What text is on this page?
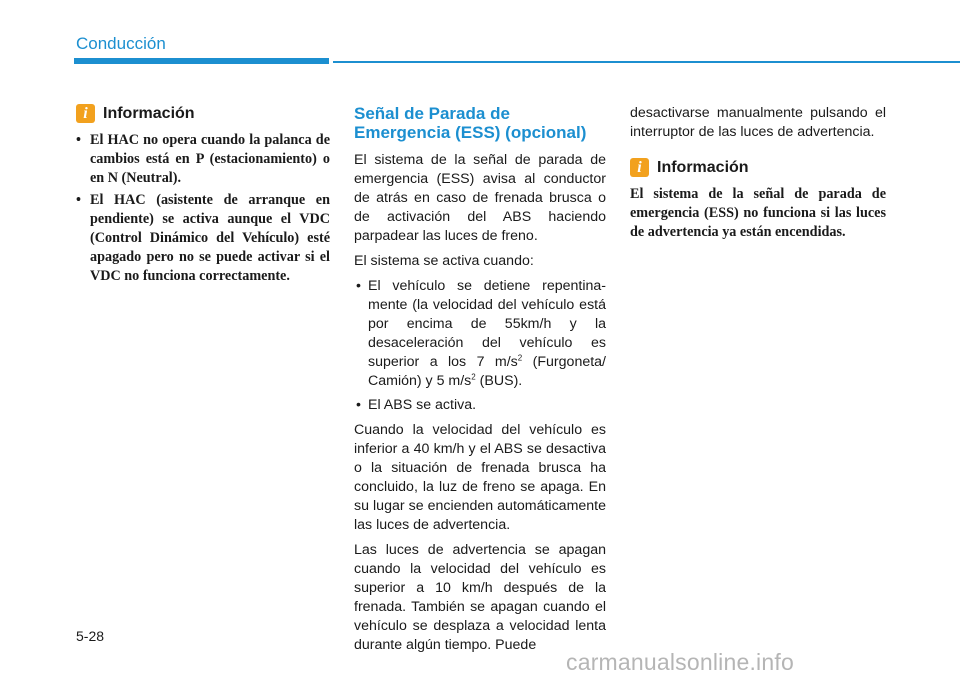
Conducción
i Información
• El HAC no opera cuando la palanca de cambios está en P (estacionamiento) o en N (Neutral).
• El HAC (asistente de arranque en pendiente) se activa aunque el VDC (Control Dinámico del Vehículo) esté apagado pero no se puede activar si el VDC no funciona correctamente.
Señal de Parada de Emergencia (ESS) (opcional)

El sistema de la señal de parada de emergencia (ESS) avisa al conductor de atrás en caso de frenada brusca o de activación del ABS haciendo parpadear las luces de freno.

El sistema se activa cuando:

• El vehículo se detiene repentinamente (la velocidad del vehículo está por encima de 55km/h y la desaceleración del vehículo es superior a los 7 $m/s^2$ (Furgoneta/ Camión) y 5 $m/s^2$ (BUS).
• El ABS se activa.

Cuando la velocidad del vehículo es inferior a 40 km/h y el ABS se desactiva o la situación de frenada brusca ha concluido, la luz de freno se apaga. En su lugar se encienden automáticamente las luces de advertencia.

Las luces de advertencia se apagan cuando la velocidad del vehículo es superior a 10 km/h después de la frenada. También se apagan cuando el vehículo se desplaza a velocidad lenta durante algún tiempo. Puede

desactivarse manualmente pulsando el interruptor de las luces de advertencia.

i Información

El sistema de la señal de parada de emergencia (ESS) no funciona si las luces de advertencia ya están encendidas.

5-28
carmanualsonline.info
